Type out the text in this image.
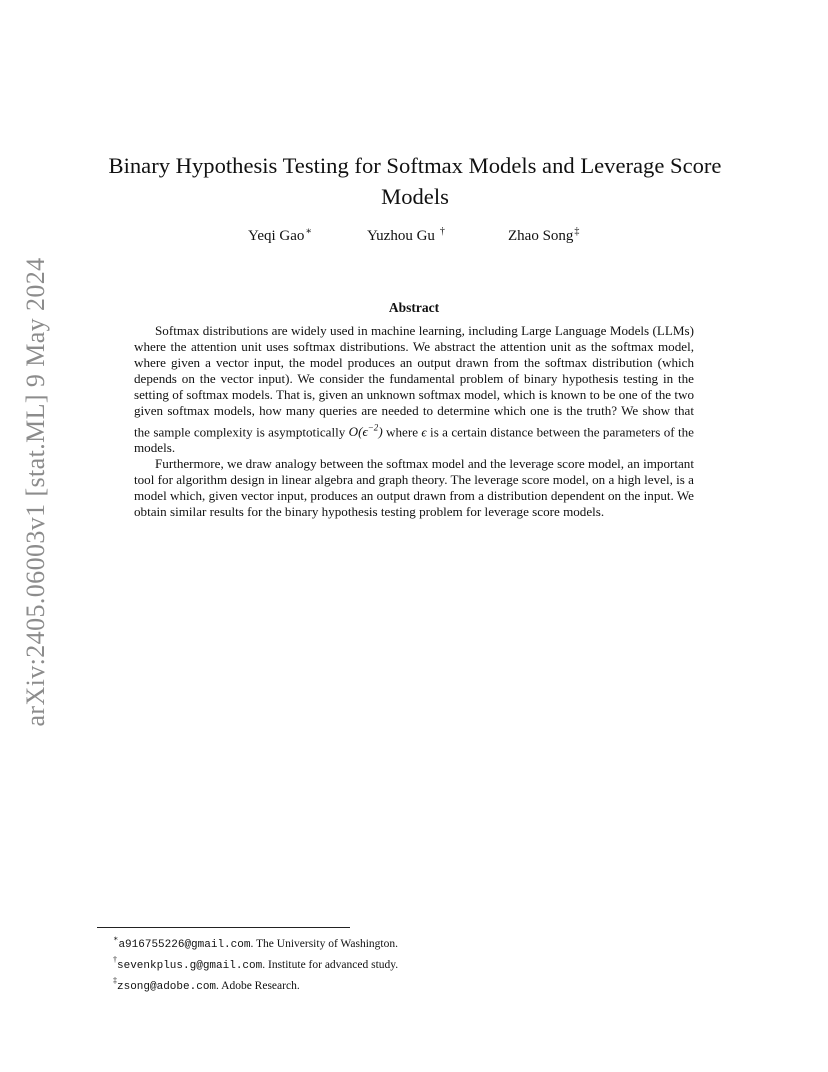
arXiv:2405.06003v1 [stat.ML] 9 May 2024
Binary Hypothesis Testing for Softmax Models and Leverage Score Models
Yeqi Gao∗	Yuzhou Gu †	Zhao Song‡
Abstract

Softmax distributions are widely used in machine learning, including Large Language Models (LLMs) where the attention unit uses softmax distributions. We abstract the attention unit as the softmax model, where given a vector input, the model produces an output drawn from the softmax distribution (which depends on the vector input). We consider the fundamental problem of binary hypothesis testing in the setting of softmax models. That is, given an unknown softmax model, which is known to be one of the two given softmax models, how many queries are needed to determine which one is the truth? We show that the sample complexity is asymptotically $O(\epsilon^{-2})$ where ϵ is a certain distance between the parameters of the models.

Furthermore, we draw analogy between the softmax model and the leverage score model, an important tool for algorithm design in linear algebra and graph theory. The leverage score model, on a high level, is a model which, given vector input, produces an output drawn from a distribution dependent on the input. We obtain similar results for the binary hypothesis testing problem for leverage score models.

∗a916755226@gmail.com. The University of Washington.
†sevenkplus.g@gmail.com. Institute for advanced study.
‡zsong@adobe.com. Adobe Research.
